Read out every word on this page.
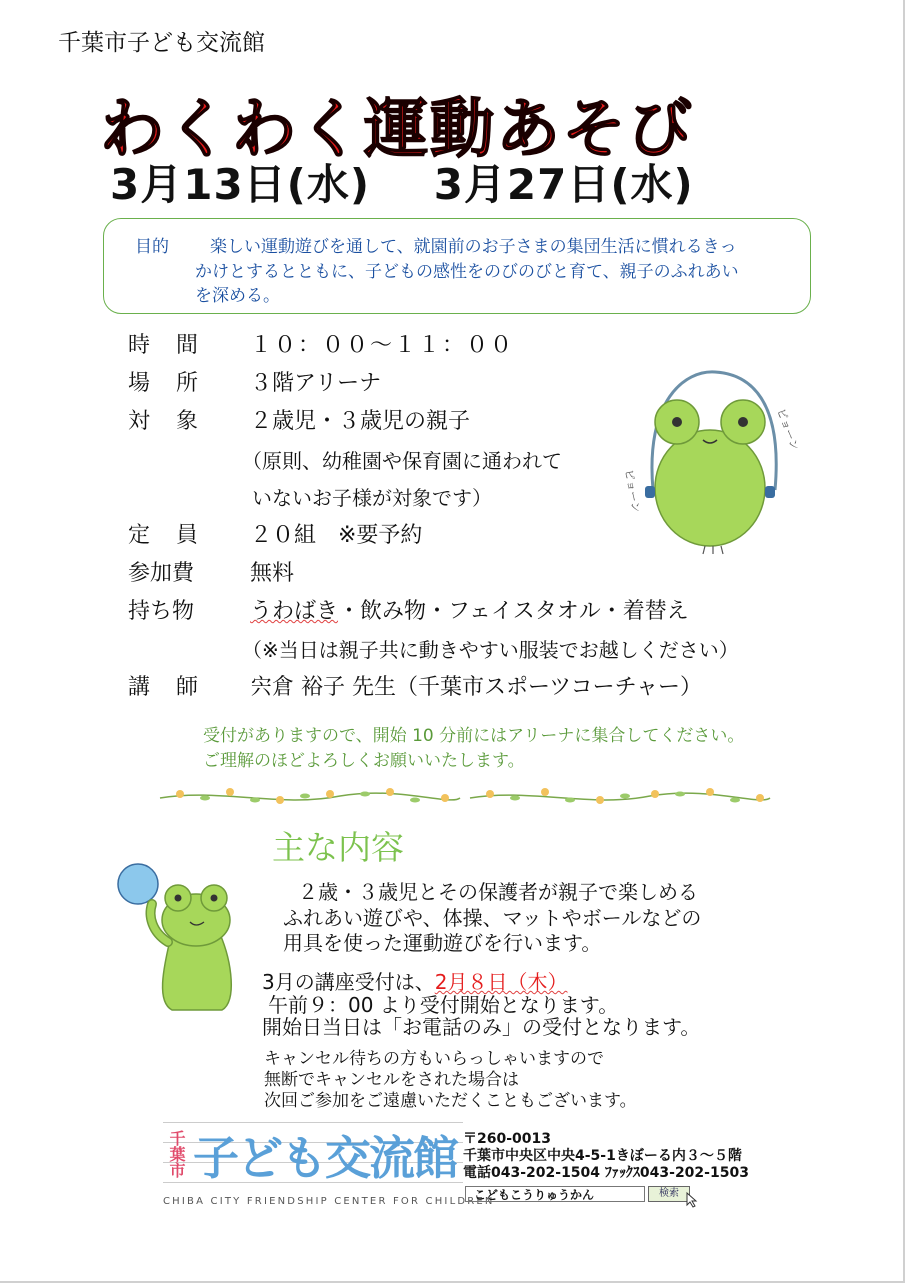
千葉市子ども交流館
わくわく運動あそび
3月13日(水) 3月27日(水)
目的 楽しい運動遊びを通して、就園前のお子さまの集団生活に慣れるきっ
かけとするとともに、子どもの感性をのびのびと育て、親子のふれあい
を深める。
時　間 １０：００～１１：００
場　所 ３階アリーナ
対　象 ２歳児・３歳児の親子
（原則、幼稚園や保育園に通われて
いないお子様が対象です）
定　員 ２０組　※要予約
参加費	無料
持ち物	うわばき・飲み物・フェイスタオル・着替え
（※当日は親子共に動きやすい服装でお越しください）
講　師 宍倉 裕子 先生（千葉市スポーツコーチャー）
受付がありますので、開始 10 分前にはアリーナに集合してください。
ご理解のほどよろしくお願いいたします。
ピョーン
ピョーン
主な内容
２歳・３歳児とその保護者が親子で楽しめる
ふれあい遊びや、体操、マットやボールなどの
用具を使った運動遊びを行います。
3月の講座受付は、2月８日（木）
午前９：00 より受付開始となります。
開始日当日は「お電話のみ」の受付となります。
キャンセル待ちの方もいらっしゃいますので
無断でキャンセルをされた場合は
次回ご参加をご遠慮いただくこともございます。
千葉市 子ども交流館
CHIBA CITY FRIENDSHIP CENTER FOR CHILDREN
〒260-0013
千葉市中央区中央4-5-1きぼーる内３～５階
電話043-202-1504 ﾌｧｯｸｽ043-202-1503
こどもこうりゅうかん	検索
